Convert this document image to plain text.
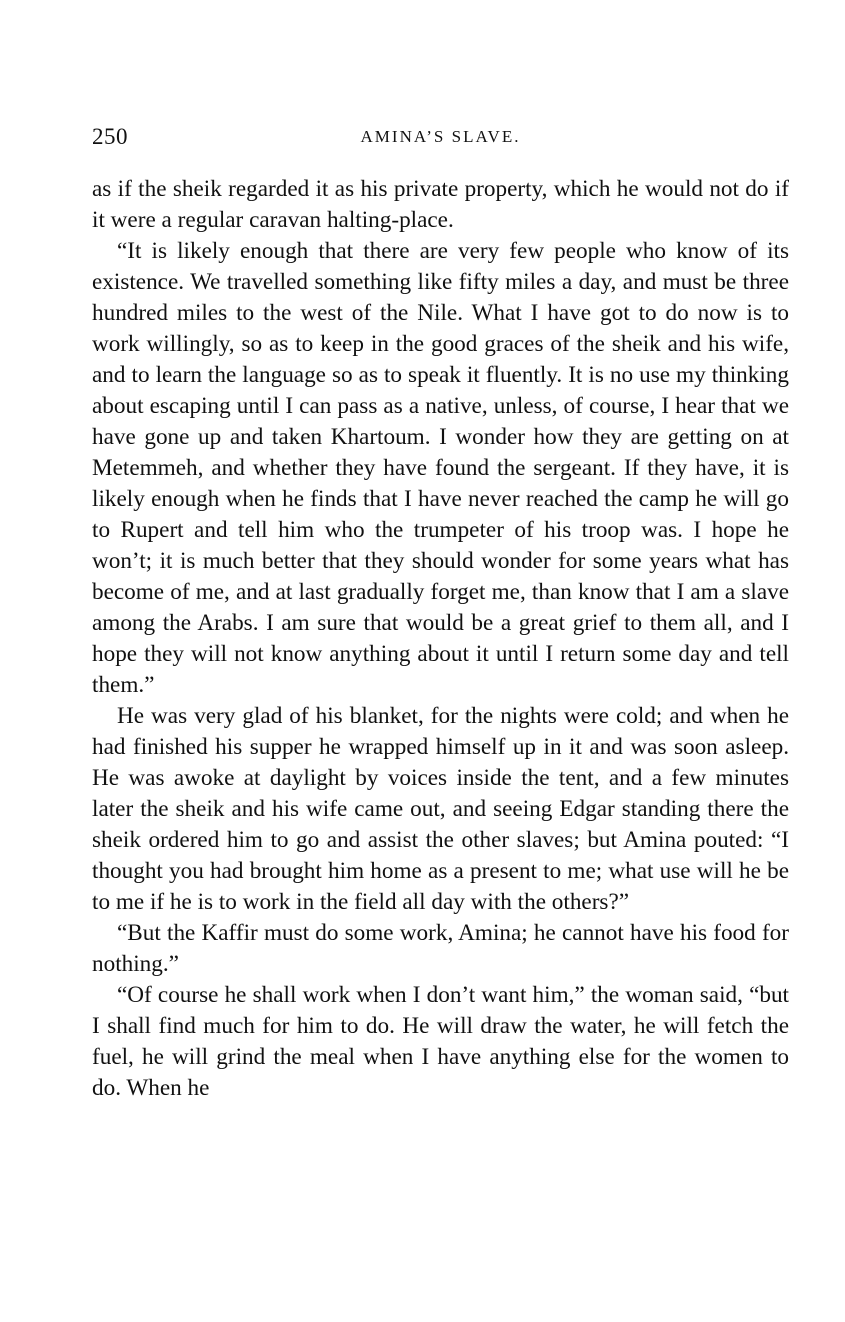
250	AMINA’S SLAVE.

as if the sheik regarded it as his private property, which he would not do if it were a regular caravan halting-place.

“It is likely enough that there are very few people who know of its existence. We travelled something like fifty miles a day, and must be three hundred miles to the west of the Nile. What I have got to do now is to work willingly, so as to keep in the good graces of the sheik and his wife, and to learn the language so as to speak it fluently. It is no use my thinking about escaping until I can pass as a native, unless, of course, I hear that we have gone up and taken Khartoum. I wonder how they are getting on at Metemmeh, and whether they have found the sergeant. If they have, it is likely enough when he finds that I have never reached the camp he will go to Rupert and tell him who the trumpeter of his troop was. I hope he won’t; it is much better that they should wonder for some years what has become of me, and at last gradually forget me, than know that I am a slave among the Arabs. I am sure that would be a great grief to them all, and I hope they will not know anything about it until I return some day and tell them.”

He was very glad of his blanket, for the nights were cold; and when he had finished his supper he wrapped himself up in it and was soon asleep. He was awoke at daylight by voices inside the tent, and a few minutes later the sheik and his wife came out, and seeing Edgar standing there the sheik ordered him to go and assist the other slaves; but Amina pouted: “I thought you had brought him home as a present to me; what use will he be to me if he is to work in the field all day with the others?”

“But the Kaffir must do some work, Amina; he cannot have his food for nothing.”

“Of course he shall work when I don’t want him,” the woman said, “but I shall find much for him to do. He will draw the water, he will fetch the fuel, he will grind the meal when I have anything else for the women to do. When he
